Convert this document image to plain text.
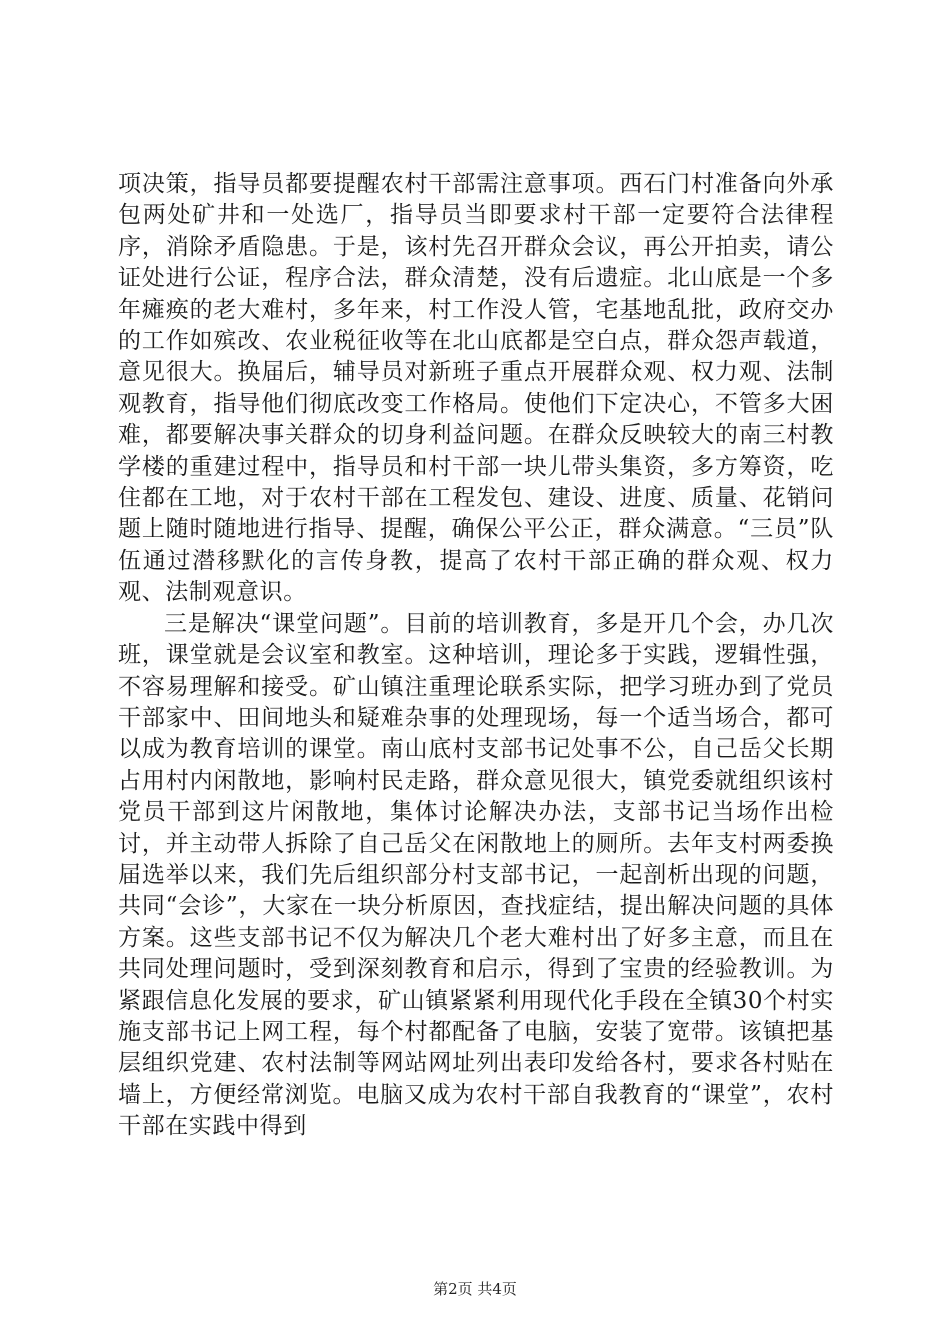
项决策，指导员都要提醒农村干部需注意事项。西石门村准备向外承包两处矿井和一处选厂，指导员当即要求村干部一定要符合法律程序，消除矛盾隐患。于是，该村先召开群众会议，再公开拍卖，请公证处进行公证，程序合法，群众清楚，没有后遗症。北山底是一个多年瘫痪的老大难村，多年来，村工作没人管，宅基地乱批，政府交办的工作如殡改、农业税征收等在北山底都是空白点，群众怨声载道，意见很大。换届后，辅导员对新班子重点开展群众观、权力观、法制观教育，指导他们彻底改变工作格局。使他们下定决心，不管多大困难，都要解决事关群众的切身利益问题。在群众反映较大的南三村教学楼的重建过程中，指导员和村干部一块儿带头集资，多方筹资，吃住都在工地，对于农村干部在工程发包、建设、进度、质量、花销问题上随时随地进行指导、提醒，确保公平公正，群众满意。“三员”队伍通过潜移默化的言传身教，提高了农村干部正确的群众观、权力观、法制观意识。

三是解决“课堂问题”。目前的培训教育，多是开几个会，办几次班，课堂就是会议室和教室。这种培训，理论多于实践，逻辑性强，不容易理解和接受。矿山镇注重理论联系实际，把学习班办到了党员干部家中、田间地头和疑难杂事的处理现场，每一个适当场合，都可以成为教育培训的课堂。南山底村支部书记处事不公，自己岳父长期占用村内闲散地，影响村民走路，群众意见很大，镇党委就组织该村党员干部到这片闲散地，集体讨论解决办法，支部书记当场作出检讨，并主动带人拆除了自己岳父在闲散地上的厕所。去年支村两委换届选举以来，我们先后组织部分村支部书记，一起剖析出现的问题，共同“会诊”，大家在一块分析原因，查找症结，提出解决问题的具体方案。这些支部书记不仅为解决几个老大难村出了好多主意，而且在共同处理问题时，受到深刻教育和启示，得到了宝贵的经验教训。为紧跟信息化发展的要求，矿山镇紧紧利用现代化手段在全镇30个村实施支部书记上网工程，每个村都配备了电脑，安装了宽带。该镇把基层组织党建、农村法制等网站网址列出表印发给各村，要求各村贴在墙上，方便经常浏览。电脑又成为农村干部自我教育的“课堂”，农村干部在实践中得到

第2页 共4页
